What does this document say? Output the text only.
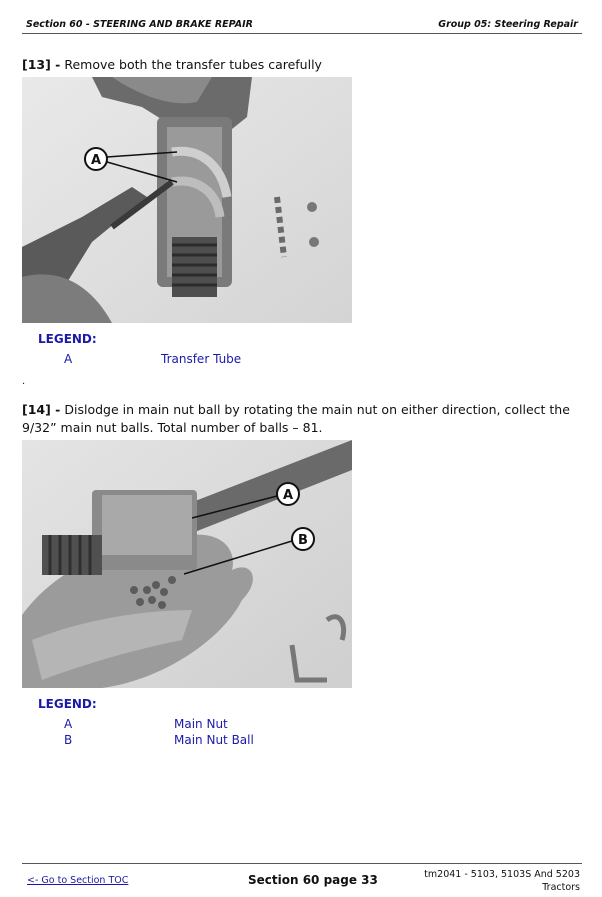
Section 60 - STEERING AND BRAKE REPAIR	Group 05: Steering Repair
[13] - Remove both the transfer tubes carefully
A
LEGEND:
A	Transfer Tube
.
[14] - Dislodge in main nut ball by rotating the main nut on either direction, collect the 9/32” main nut balls. Total number of balls – 81.
A
B
LEGEND:
A	Main Nut
B	Main Nut Ball
<- Go to Section TOC	Section 60 page 33	tm2041 - 5103, 5103S And 5203
Tractors
